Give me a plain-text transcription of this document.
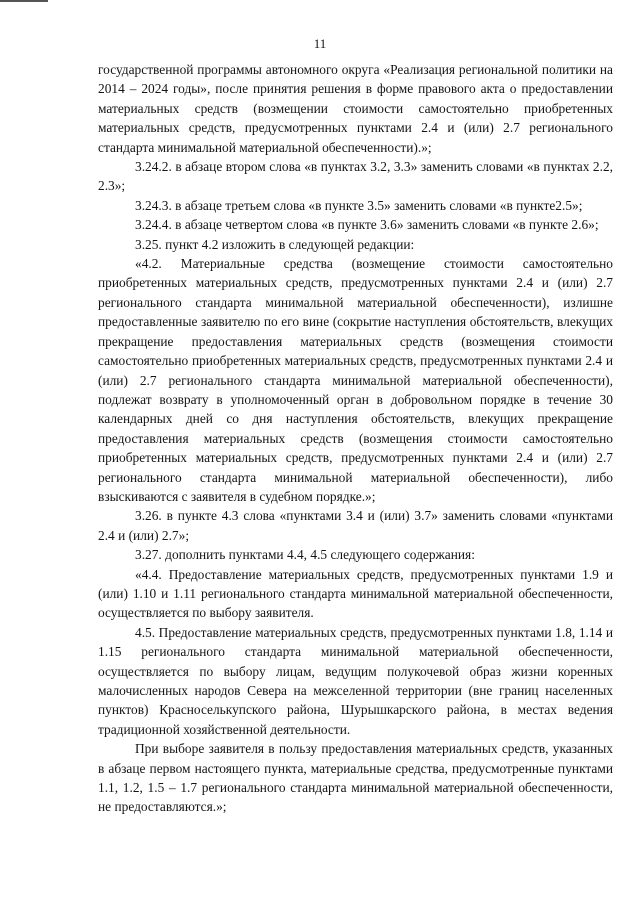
11

государственной программы автономного округа «Реализация региональной политики на 2014 – 2024 годы», после принятия решения в форме правового акта о предоставлении материальных средств (возмещении стоимости самостоятельно приобретенных материальных средств, предусмотренных пунктами 2.4 и (или) 2.7 регионального стандарта минимальной материальной обеспеченности).»;

3.24.2. в абзаце втором слова «в пунктах 3.2, 3.3» заменить словами «в пунктах 2.2, 2.3»;

3.24.3. в абзаце третьем слова «в пункте 3.5» заменить словами «в пункте2.5»;

3.24.4. в абзаце четвертом слова «в пункте 3.6» заменить словами «в пункте 2.6»;

3.25. пункт 4.2 изложить в следующей редакции:

«4.2. Материальные средства (возмещение стоимости самостоятельно приобретенных материальных средств, предусмотренных пунктами 2.4 и (или) 2.7 регионального стандарта минимальной материальной обеспеченности), излишне предоставленные заявителю по его вине (сокрытие наступления обстоятельств, влекущих прекращение предоставления материальных средств (возмещения стоимости самостоятельно приобретенных материальных средств, предусмотренных пунктами 2.4 и (или) 2.7 регионального стандарта минимальной материальной обеспеченности), подлежат возврату в уполномоченный орган в добровольном порядке в течение 30 календарных дней со дня наступления обстоятельств, влекущих прекращение предоставления материальных средств (возмещения стоимости самостоятельно приобретенных материальных средств, предусмотренных пунктами 2.4 и (или) 2.7 регионального стандарта минимальной материальной обеспеченности), либо взыскиваются с заявителя в судебном порядке.»;

3.26. в пункте 4.3 слова «пунктами 3.4 и (или) 3.7» заменить словами «пунктами 2.4 и (или) 2.7»;

3.27. дополнить пунктами 4.4, 4.5 следующего содержания:

«4.4. Предоставление материальных средств, предусмотренных пунктами 1.9 и (или) 1.10 и 1.11 регионального стандарта минимальной материальной обеспеченности, осуществляется по выбору заявителя.

4.5. Предоставление материальных средств, предусмотренных пунктами 1.8, 1.14 и 1.15 регионального стандарта минимальной материальной обеспеченности, осуществляется по выбору лицам, ведущим полукочевой образ жизни коренных малочисленных народов Севера на межселенной территории (вне границ населенных пунктов) Красноселькупского района, Шурышкарского района, в местах ведения традиционной хозяйственной деятельности.

При выборе заявителя в пользу предоставления материальных средств, указанных в абзаце первом настоящего пункта, материальные средства, предусмотренные пунктами 1.1, 1.2, 1.5 – 1.7 регионального стандарта минимальной материальной обеспеченности, не предоставляются.»;
